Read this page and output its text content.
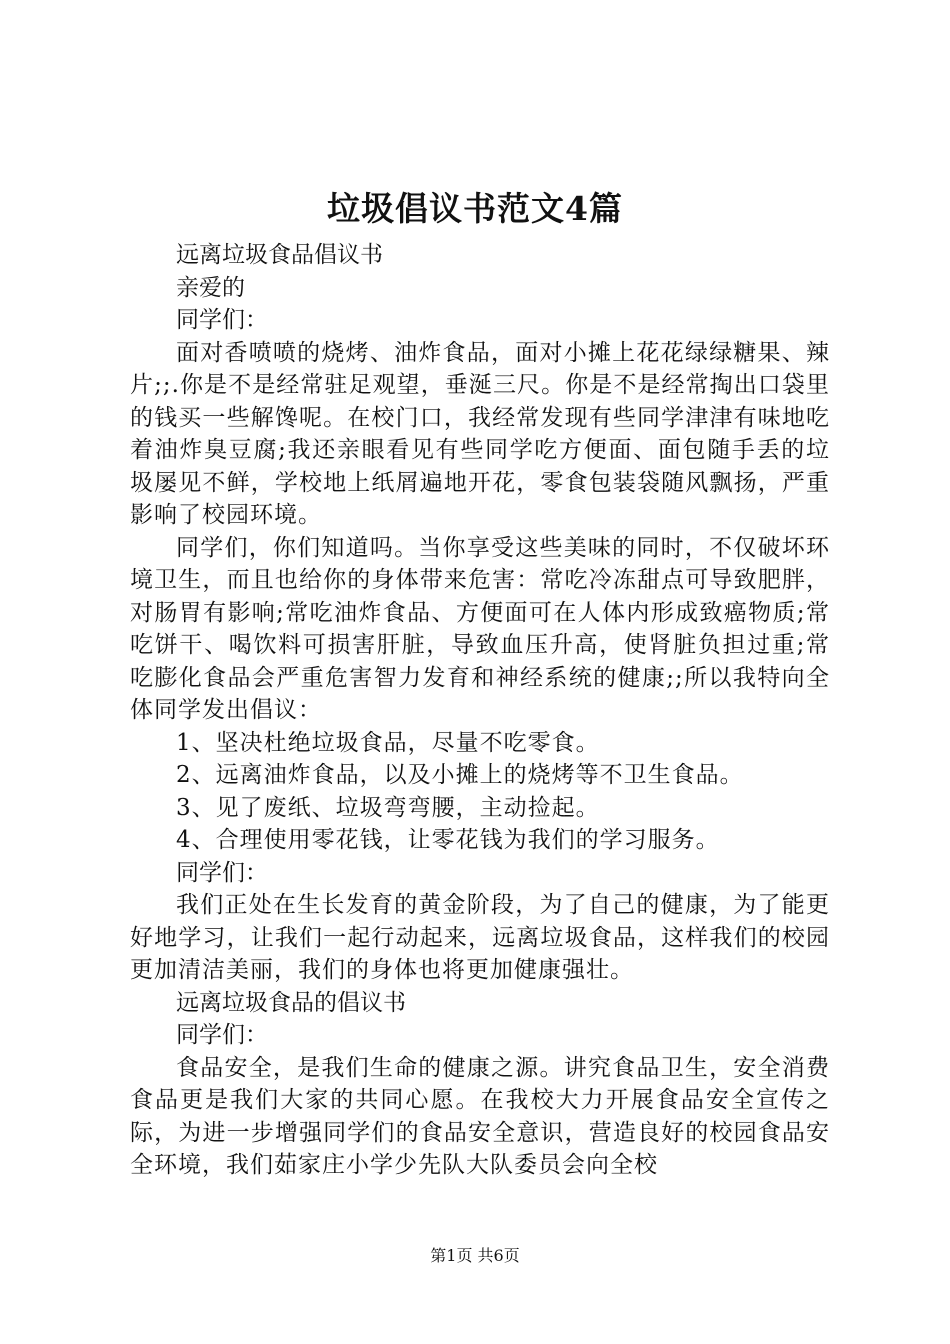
垃圾倡议书范文4篇

远离垃圾食品倡议书

亲爱的

同学们：

面对香喷喷的烧烤、油炸食品，面对小摊上花花绿绿糖果、辣片;;.你是不是经常驻足观望，垂涎三尺。你是不是经常掏出口袋里的钱买一些解馋呢。在校门口，我经常发现有些同学津津有味地吃着油炸臭豆腐;我还亲眼看见有些同学吃方便面、面包随手丢的垃圾屡见不鲜，学校地上纸屑遍地开花，零食包装袋随风飘扬，严重影响了校园环境。

同学们，你们知道吗。当你享受这些美味的同时，不仅破坏环境卫生，而且也给你的身体带来危害：常吃冷冻甜点可导致肥胖，对肠胃有影响;常吃油炸食品、方便面可在人体内形成致癌物质;常吃饼干、喝饮料可损害肝脏，导致血压升高，使肾脏负担过重;常吃膨化食品会严重危害智力发育和神经系统的健康;;所以我特向全体同学发出倡议：

1、坚决杜绝垃圾食品，尽量不吃零食。

2、远离油炸食品，以及小摊上的烧烤等不卫生食品。

3、见了废纸、垃圾弯弯腰，主动捡起。

4、合理使用零花钱，让零花钱为我们的学习服务。

同学们：

我们正处在生长发育的黄金阶段，为了自己的健康，为了能更好地学习，让我们一起行动起来，远离垃圾食品，这样我们的校园更加清洁美丽，我们的身体也将更加健康强壮。

远离垃圾食品的倡议书

同学们：

食品安全，是我们生命的健康之源。讲究食品卫生，安全消费食品更是我们大家的共同心愿。在我校大力开展食品安全宣传之际，为进一步增强同学们的食品安全意识，营造良好的校园食品安全环境，我们茹家庄小学少先队大队委员会向全校

第1页 共6页
